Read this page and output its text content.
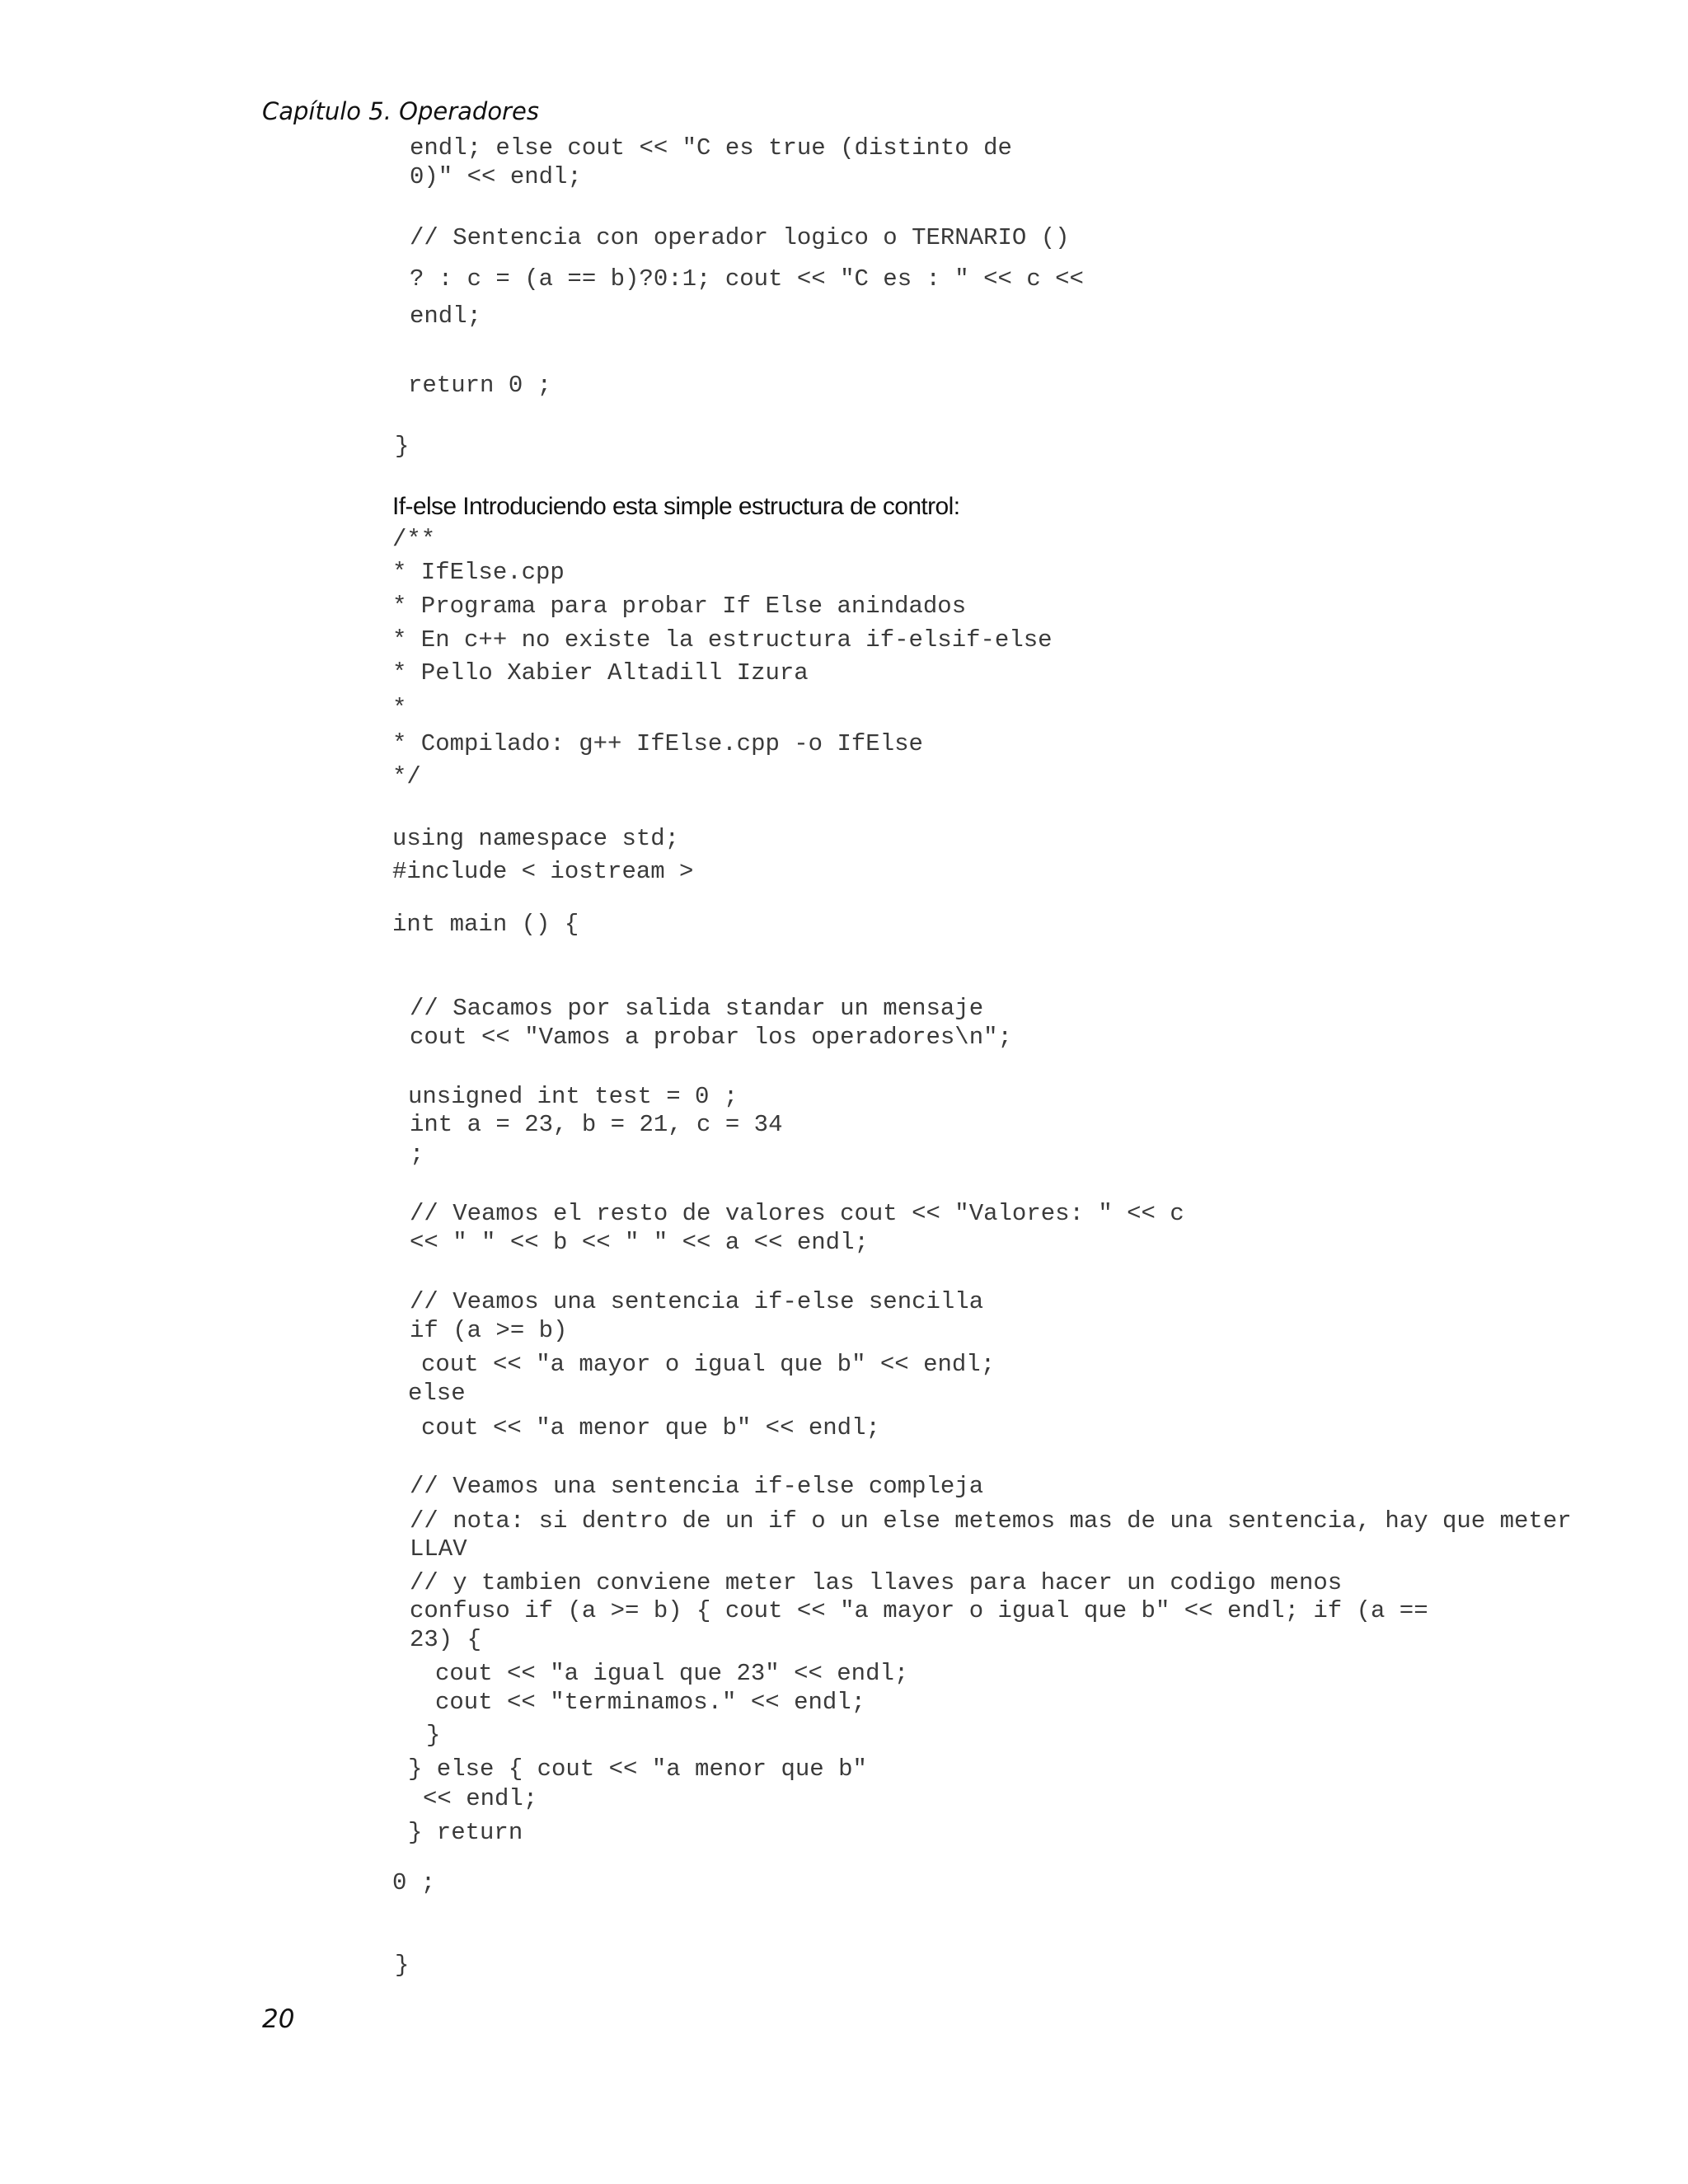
Capítulo 5. Operadores
endl; else cout << "C es true (distinto de
0)" << endl;
// Sentencia con operador logico o TERNARIO ()
? : c = (a == b)?0:1; cout << "C es : " << c <<
endl;
return 0 ;
}
If-else Introduciendo esta simple estructura de control:
/**
* IfElse.cpp
* Programa para probar If Else anindados
* En c++ no existe la estructura if-elsif-else
* Pello Xabier Altadill Izura
*
* Compilado: g++ IfElse.cpp -o IfElse
*/
using namespace std;
#include < iostream >
int main () {
// Sacamos por salida standar un mensaje
cout << "Vamos a probar los operadores\n";
unsigned int test = 0 ;
int a = 23, b = 21, c = 34
;
// Veamos el resto de valores cout << "Valores: " << c
<< " " << b << " " << a << endl;
// Veamos una sentencia if-else sencilla
if (a >= b)
cout << "a mayor o igual que b" << endl;
else
cout << "a menor que b" << endl;
// Veamos una sentencia if-else compleja
// nota: si dentro de un if o un else metemos mas de una sentencia, hay que meter
LLAV
// y tambien conviene meter las llaves para hacer un codigo menos
confuso if (a >= b) { cout << "a mayor o igual que b" << endl; if (a ==
23) {
cout << "a igual que 23" << endl;
cout << "terminamos." << endl;
}
} else { cout << "a menor que b"
<< endl;
} return
0 ;
}
20
